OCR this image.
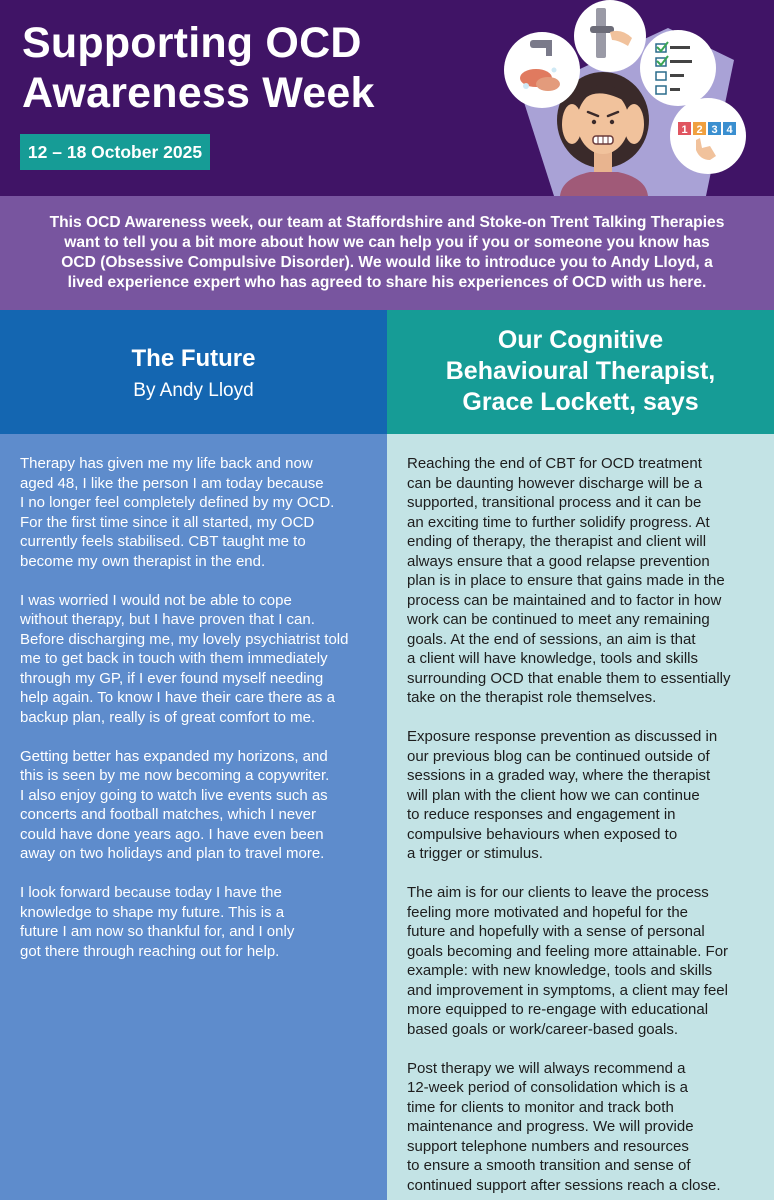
Supporting OCD
Awareness Week
12 – 18 October 2025
1 2 3 4

This OCD Awareness week, our team at Staffordshire and Stoke-on Trent Talking Therapies want to tell you a bit more about how we can help you if you or someone you know has OCD (Obsessive Compulsive Disorder). We would like to introduce you to Andy Lloyd, a lived experience expert who has agreed to share his experiences of OCD with us here.

The Future
By Andy Lloyd
Our Cognitive
Behavioural Therapist,
Grace Lockett, says

Therapy has given me my life back and now
aged 48, I like the person I am today because
I no longer feel completely defined by my OCD.
For the first time since it all started, my OCD
currently feels stabilised. CBT taught me to
become my own therapist in the end.

I was worried I would not be able to cope
without therapy, but I have proven that I can.
Before discharging me, my lovely psychiatrist told
me to get back in touch with them immediately
through my GP, if I ever found myself needing
help again. To know I have their care there as a
backup plan, really is of great comfort to me.

Getting better has expanded my horizons, and
this is seen by me now becoming a copywriter.
I also enjoy going to watch live events such as
concerts and football matches, which I never
could have done years ago. I have even been
away on two holidays and plan to travel more.

I look forward because today I have the
knowledge to shape my future. This is a
future I am now so thankful for, and I only
got there through reaching out for help.

Reaching the end of CBT for OCD treatment
can be daunting however discharge will be a
supported, transitional process and it can be
an exciting time to further solidify progress. At
ending of therapy, the therapist and client will
always ensure that a good relapse prevention
plan is in place to ensure that gains made in the
process can be maintained and to factor in how
work can be continued to meet any remaining
goals. At the end of sessions, an aim is that
a client will have knowledge, tools and skills
surrounding OCD that enable them to essentially
take on the therapist role themselves.

Exposure response prevention as discussed in
our previous blog can be continued outside of
sessions in a graded way, where the therapist
will plan with the client how we can continue
to reduce responses and engagement in
compulsive behaviours when exposed to
a trigger or stimulus.

The aim is for our clients to leave the process
feeling more motivated and hopeful for the
future and hopefully with a sense of personal
goals becoming and feeling more attainable. For
example: with new knowledge, tools and skills
and improvement in symptoms, a client may feel
more equipped to re-engage with educational
based goals or work/career-based goals.

Post therapy we will always recommend a
12-week period of consolidation which is a
time for clients to monitor and track both
maintenance and progress. We will provide
support telephone numbers and resources
to ensure a smooth transition and sense of
continued support after sessions reach a close.
